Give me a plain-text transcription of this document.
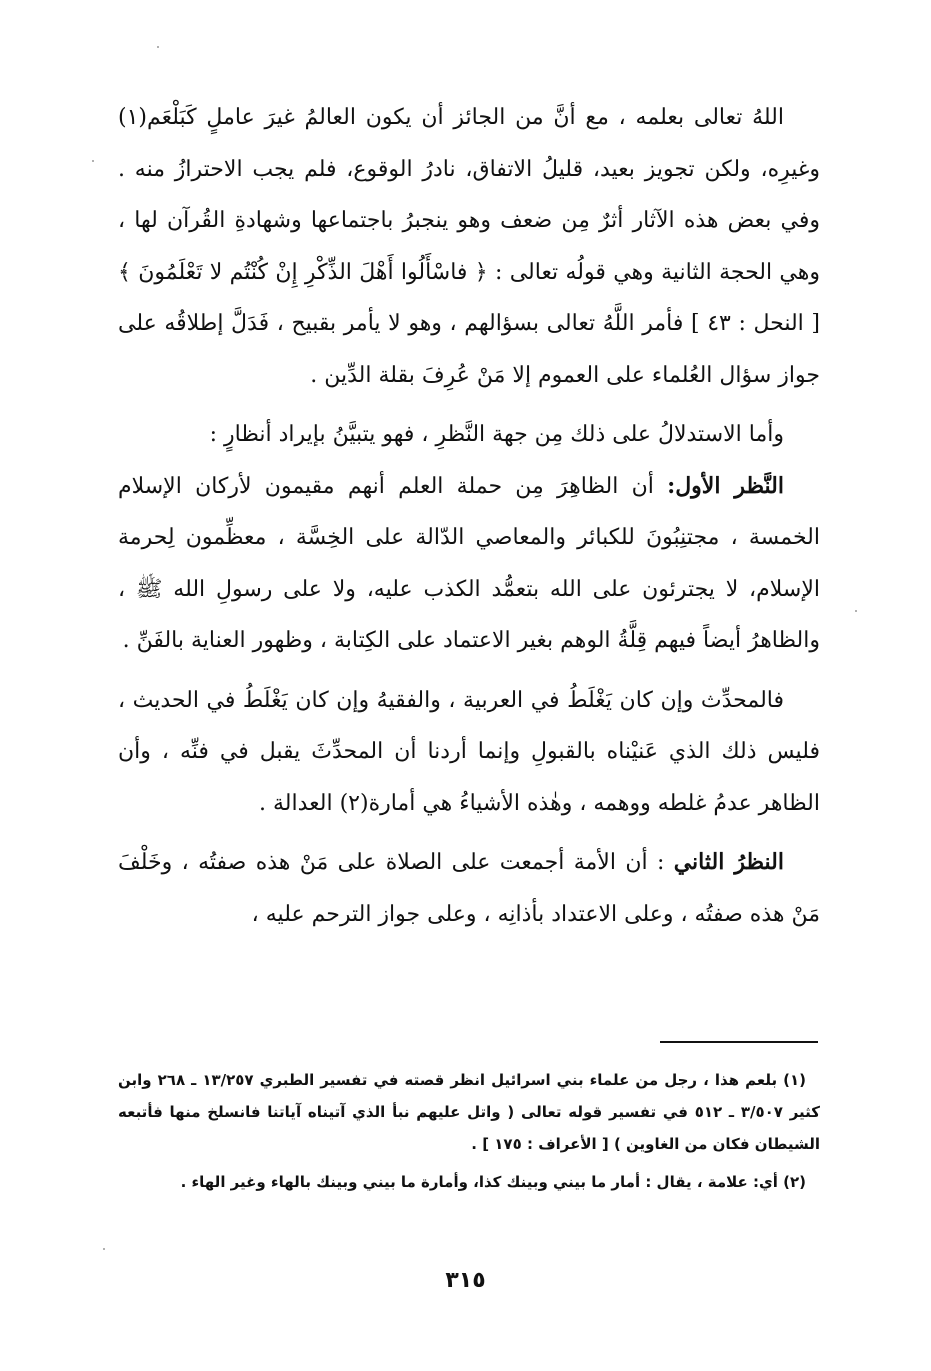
اللهُ تعالى بعلمه ، مع أنَّ من الجائز أن يكون العالمُ غيرَ عاملٍ كَبَلْعَم(١) وغيرِه، ولكن تجويز بعيد، قليلُ الاتفاق، نادرُ الوقوع، فلم يجب الاحترازُ منه . وفي بعض هذه الآثار أثرٌ مِن ضعف وهو ينجبرُ باجتماعها وشهادةِ القُرآن لها ، وهي الحجة الثانية وهي قولُه تعالى : ﴿ فاسْأَلُوا أَهْلَ الذِّكْرِ إِنْ كُنْتُم لا تَعْلَمُونَ ﴾ [ النحل : ٤٣ ] فأمر اللَّهُ تعالى بسؤالهم ، وهو لا يأمر بقبيح ، فَدَلَّ إطلاقُه على جواز سؤال العُلماء على العموم إلا مَنْ عُرِفَ بقلة الدِّين .

وأما الاستدلالُ على ذلك مِن جهة النَّظرِ ، فهو يتبيَّنُ بإيراد أنظارٍ :

النَّظر الأول: أن الظاهِرَ مِن حملة العلم أنهم مقيمون لأركان الإسلام الخمسة ، مجتنِبُونَ للكبائر والمعاصي الدّالة على الخِسَّة ، معظِّمون لِحرمة الإسلام، لا يجترئون على الله بتعمُّد الكذب عليه، ولا على رسولِ الله ﷺ ، والظاهرُ أيضاً فيهم قِلَّةُ الوهم بغير الاعتماد على الكِتابة ، وظهور العناية بالفَنِّ .

فالمحدِّث وإن كان يَغْلَطُ في العربية ، والفقيهُ وإن كان يَغْلَطُ في الحديث ، فليس ذلك الذي عَنيْناه بالقبولِ وإنما أردنا أن المحدِّثَ يقبل في فنِّه ، وأن الظاهر عدمُ غلطه ووهمه ، وهٰذه الأشياءُ هي أمارة(٢) العدالة .

النظرُ الثاني : أن الأمة أجمعت على الصلاة على مَنْ هذه صفتُه ، وخَلْفَ مَنْ هذه صفتُه ، وعلى الاعتداد بأذانِه ، وعلى جواز الترحم عليه ،

(١) بلعم هذا ، رجل من علماء بني اسرائيل انظر قصته في تفسير الطبري ١٣/٢٥٧ ـ ٢٦٨ وابن كثير ٣/٥٠٧ ـ ٥١٢ في تفسير قوله تعالى ( واتل عليهم نبأ الذي آتيناه آياتنا فانسلخ منها فأتبعه الشيطان فكان من الغاوين ) [ الأعراف : ١٧٥ ] .

(٢) أي: علامة ، يقال : أمار ما بيني وبينك كذا، وأمارة ما بيني وبينك بالهاء وغير الهاء .

٣١٥
